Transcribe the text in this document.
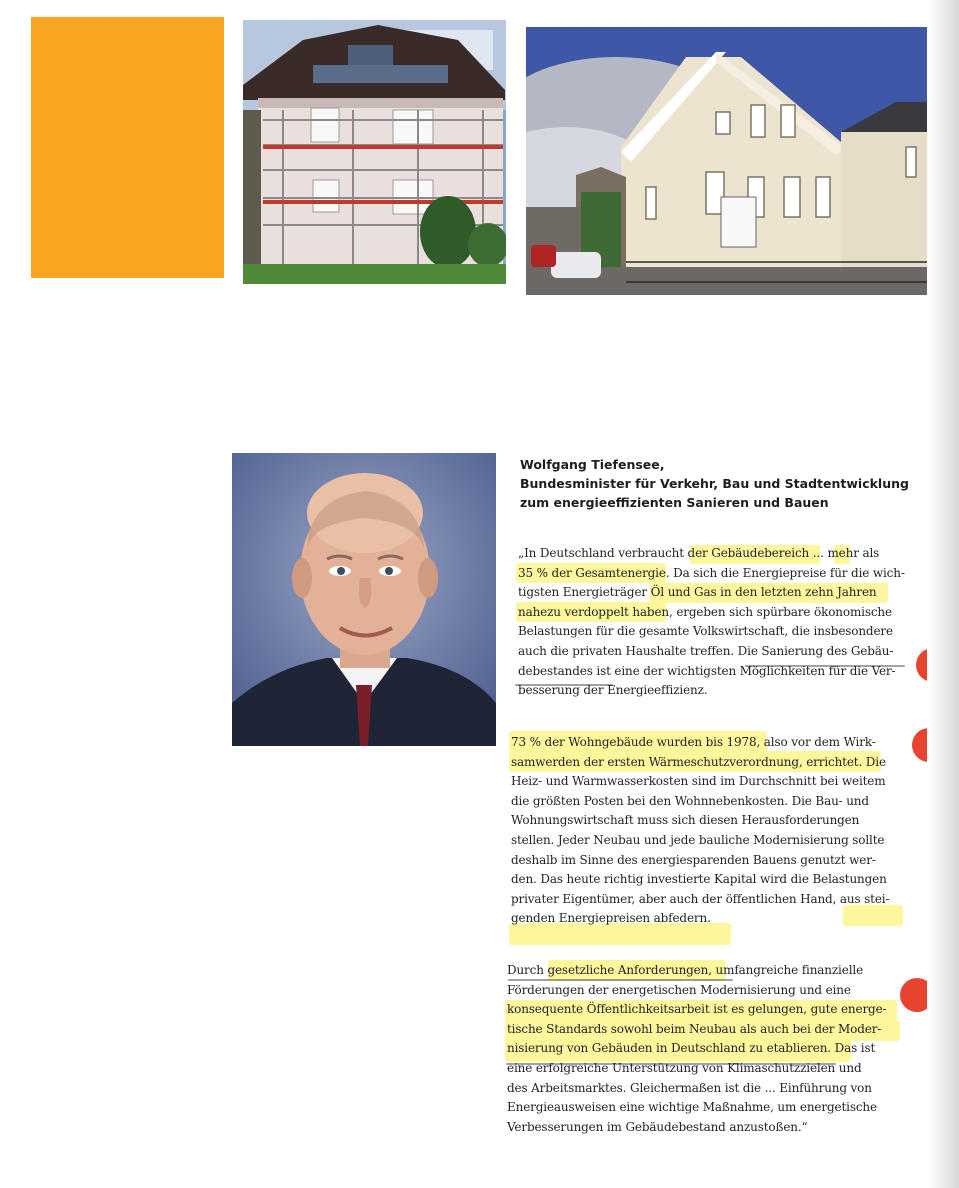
Wolfgang Tiefensee,
Bundesminister für Verkehr, Bau und Stadtentwicklung
zum energieeffizienten Sanieren und Bauen
„In Deutschland verbraucht der Gebäudebereich ... mehr als
35 % der Gesamtenergie. Da sich die Energiepreise für die wich-
tigsten Energieträger Öl und Gas in den letzten zehn Jahren
nahezu verdoppelt haben, ergeben sich spürbare ökonomische
Belastungen für die gesamte Volkswirtschaft, die insbesondere
auch die privaten Haushalte treffen. Die Sanierung des Gebäu-
debestandes ist eine der wichtigsten Möglichkeiten für die Ver-
besserung der Energieeffizienz.
73 % der Wohngebäude wurden bis 1978, also vor dem Wirk-
samwerden der ersten Wärmeschutzverordnung, errichtet. Die
Heiz- und Warmwasserkosten sind im Durchschnitt bei weitem
die größten Posten bei den Wohnnebenkosten. Die Bau- und
Wohnungswirtschaft muss sich diesen Herausforderungen
stellen. Jeder Neubau und jede bauliche Modernisierung sollte
deshalb im Sinne des energiesparenden Bauens genutzt wer-
den. Das heute richtig investierte Kapital wird die Belastungen
privater Eigentümer, aber auch der öffentlichen Hand, aus stei-
genden Energiepreisen abfedern.
Durch gesetzliche Anforderungen, umfangreiche finanzielle
Förderungen der energetischen Modernisierung und eine
konsequente Öffentlichkeitsarbeit ist es gelungen, gute energe-
tische Standards sowohl beim Neubau als auch bei der Moder-
nisierung von Gebäuden in Deutschland zu etablieren. Das ist
eine erfolgreiche Unterstützung von Klimaschutzzielen und
des Arbeitsmarktes. Gleichermaßen ist die ... Einführung von
Energieausweisen eine wichtige Maßnahme, um energetische
Verbesserungen im Gebäudebestand anzustoßen.“
